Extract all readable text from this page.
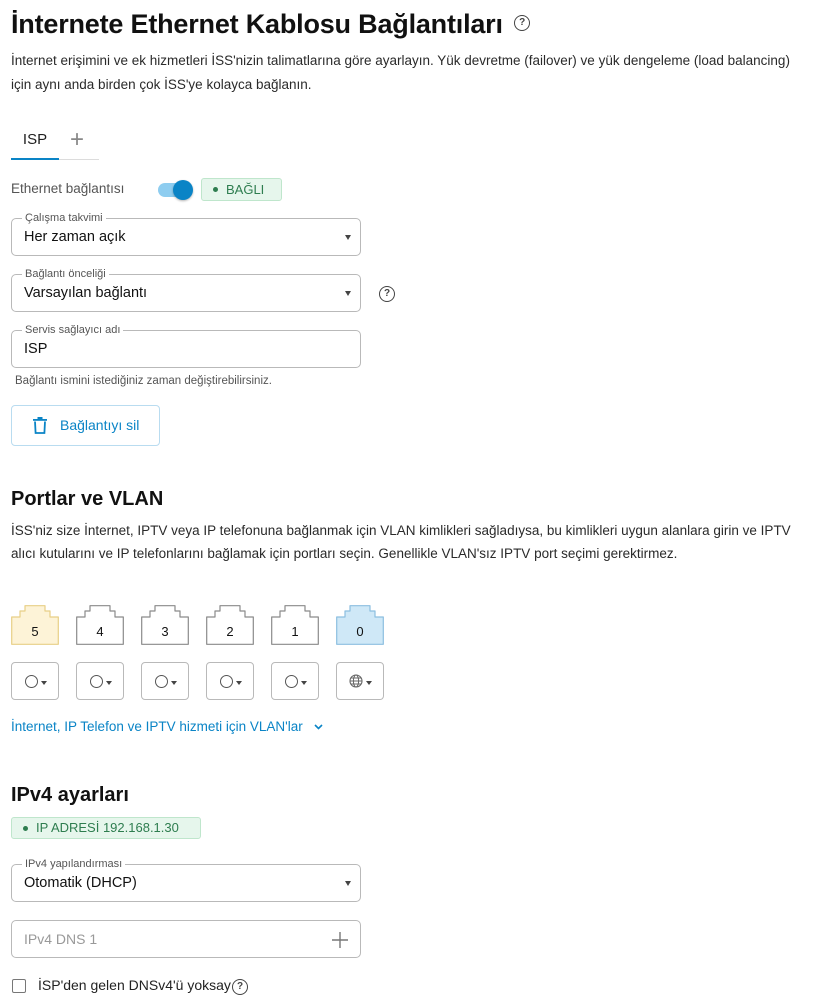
İnternete Ethernet Kablosu Bağlantıları ?
İnternet erişimini ve ek hizmetleri İSS'nizin talimatlarına göre ayarlayın. Yük devretme (failover) ve yük dengeleme (load balancing)
için aynı anda birden çok İSS'ye kolayca bağlanın.
ISP +
Ethernet bağlantısı	BAĞLI
Çalışma takvimi
Her zaman açık
Bağlantı önceliği
Varsayılan bağlantı	?
Servis sağlayıcı adı
ISP
Bağlantı ismini istediğiniz zaman değiştirebilirsiniz.
Bağlantıyı sil
Portlar ve VLAN
İSS'niz size İnternet, IPTV veya IP telefonuna bağlanmak için VLAN kimlikleri sağladıysa, bu kimlikleri uygun alanlara girin ve IPTV
alıcı kutularını ve IP telefonlarını bağlamak için portları seçin. Genellikle VLAN'sız IPTV port seçimi gerektirmez.
5	4	3	2	1	0
İnternet, IP Telefon ve IPTV hizmeti için VLAN'lar
IPv4 ayarları
IP ADRESİ 192.168.1.30
IPv4 yapılandırması
Otomatik (DHCP)
IPv4 DNS 1
İSP'den gelen DNSv4'ü yoksay ?
